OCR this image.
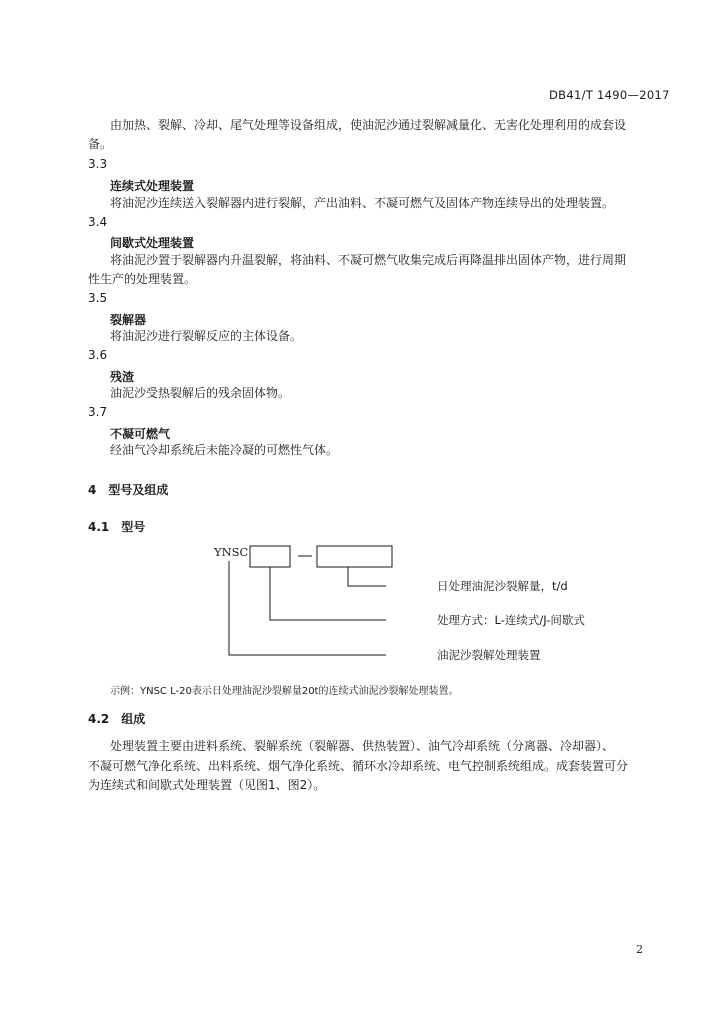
DB41/T 1490—2017
由加热、裂解、冷却、尾气处理等设备组成，使油泥沙通过裂解减量化、无害化处理利用的成套设
备。
3.3
连续式处理装置
将油泥沙连续送入裂解器内进行裂解，产出油料、不凝可燃气及固体产物连续导出的处理装置。
3.4
间歇式处理装置
将油泥沙置于裂解器内升温裂解，将油料、不凝可燃气收集完成后再降温排出固体产物，进行周期
性生产的处理装置。
3.5
裂解器
将油泥沙进行裂解反应的主体设备。
3.6
残渣
油泥沙受热裂解后的残余固体物。
3.7
不凝可燃气
经油气冷却系统后未能冷凝的可燃性气体。
4　型号及组成
4.1　型号
YNSC
日处理油泥沙裂解量，t/d
处理方式：L-连续式/J-间歇式
油泥沙裂解处理装置
示例：YNSC L-20表示日处理油泥沙裂解量20t的连续式油泥沙裂解处理装置。
4.2　组成
处理装置主要由进料系统、裂解系统（裂解器、供热装置）、油气冷却系统（分离器、冷却器）、
不凝可燃气净化系统、出料系统、烟气净化系统、循环水冷却系统、电气控制系统组成。成套装置可分
为连续式和间歇式处理装置（见图1、图2）。
2
